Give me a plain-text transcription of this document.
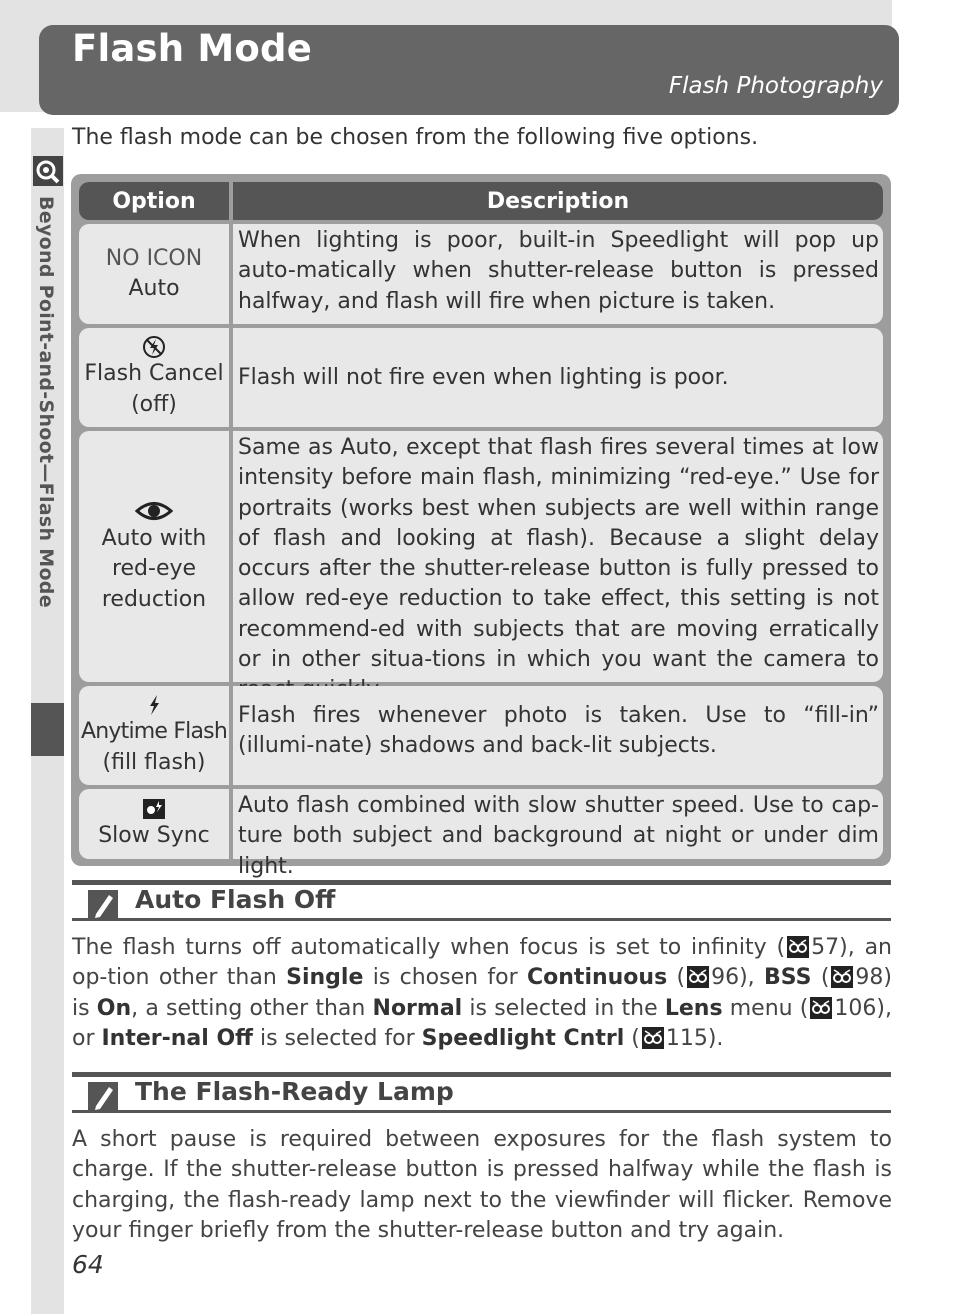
Flash Mode
Flash Photography
Beyond Point-and-Shoot—Flash Mode
The flash mode can be chosen from the following five options.
Option	Description
NO ICON
Auto
When lighting is poor, built-in Speedlight will pop up auto-matically when shutter-release button is pressed halfway, and flash will fire when picture is taken.
Flash Cancel
(off)
Flash will not fire even when lighting is poor.
Auto with
red-eye
reduction
Same as Auto, except that flash fires several times at low intensity before main flash, minimizing “red-eye.” Use for portraits (works best when subjects are well within range of flash and looking at flash). Because a slight delay occurs after the shutter-release button is fully pressed to allow red-eye reduction to take effect, this setting is not recommend-ed with subjects that are moving erratically or in other situa-tions in which you want the camera to
Anytime Flash
(fill flash)
Flash fires whenever photo is taken. Use to “fill-in” (illumi-nate) shadows and back-lit subjects.
Slow Sync
Auto flash combined with slow shutter speed. Use to cap-ture both subject and background at night or under dim light.
Auto Flash Off
The flash turns off automatically when focus is set to infinity ( 57), an op-tion other than Single is chosen for Continuous ( 96), BSS ( 98) is On, a setting other than Normal is selected in the Lens menu ( 106), or Inter-nal Off is selected for Speedlight Cntrl ( 115).
The Flash-Ready Lamp
A short pause is required between exposures for the flash system to charge. If the shutter-release button is pressed halfway while the flash is charging, the flash-ready lamp next to the viewfinder will flicker. Remove your finger briefly from the shutter-release button and try again.
64
